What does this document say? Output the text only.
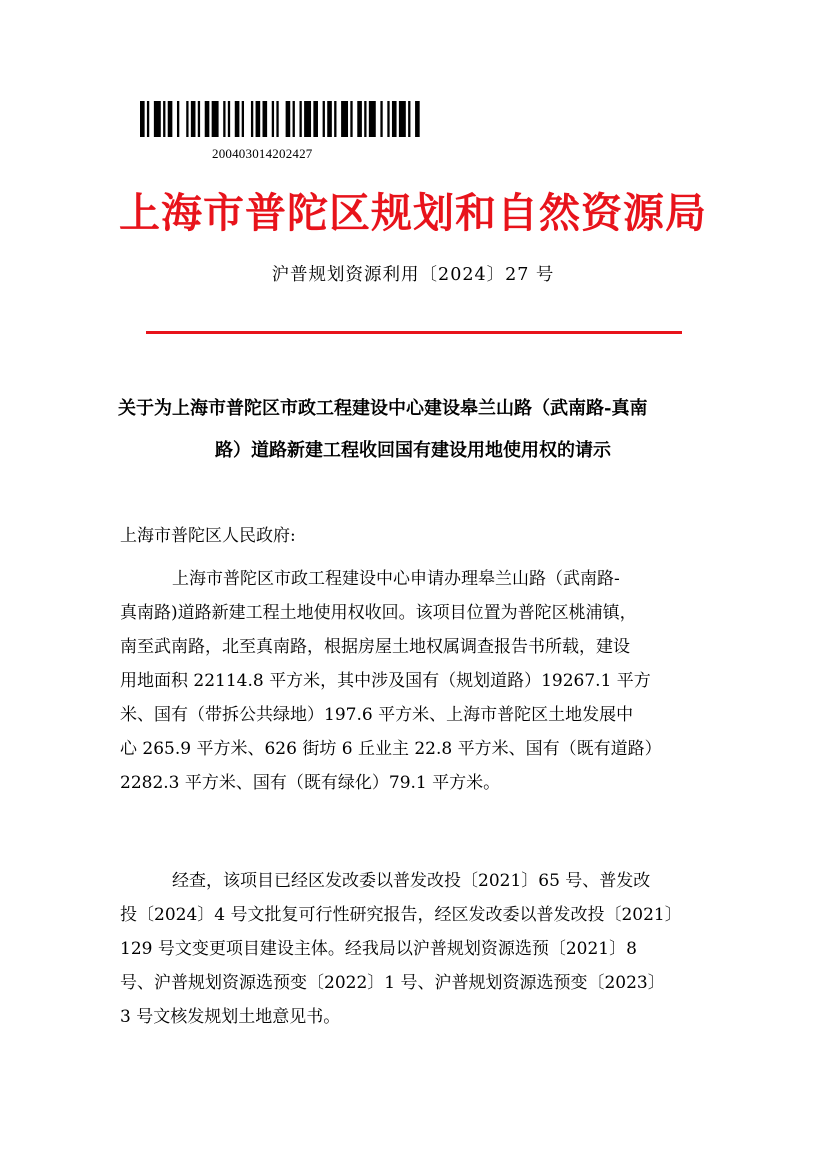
200403014202427
上海市普陀区规划和自然资源局
沪普规划资源利用〔2024〕27 号
关于为上海市普陀区市政工程建设中心建设皋兰山路（武南路-真南
路）道路新建工程收回国有建设用地使用权的请示
上海市普陀区人民政府:
上海市普陀区市政工程建设中心申请办理皋兰山路（武南路-
真南路)道路新建工程土地使用权收回。该项目位置为普陀区桃浦镇，
南至武南路，北至真南路，根据房屋土地权属调查报告书所载，建设
用地面积 22114.8 平方米，其中涉及国有（规划道路）19267.1 平方
米、国有（带拆公共绿地）197.6 平方米、上海市普陀区土地发展中
心 265.9 平方米、626 街坊 6 丘业主 22.8 平方米、国有（既有道路）
2282.3 平方米、国有（既有绿化）79.1 平方米。
经查，该项目已经区发改委以普发改投〔2021〕65 号、普发改
投〔2024〕4 号文批复可行性研究报告，经区发改委以普发改投〔2021〕
129 号文变更项目建设主体。经我局以沪普规划资源选预〔2021〕8
号、沪普规划资源选预变〔2022〕1 号、沪普规划资源选预变〔2023〕
3 号文核发规划土地意见书。
